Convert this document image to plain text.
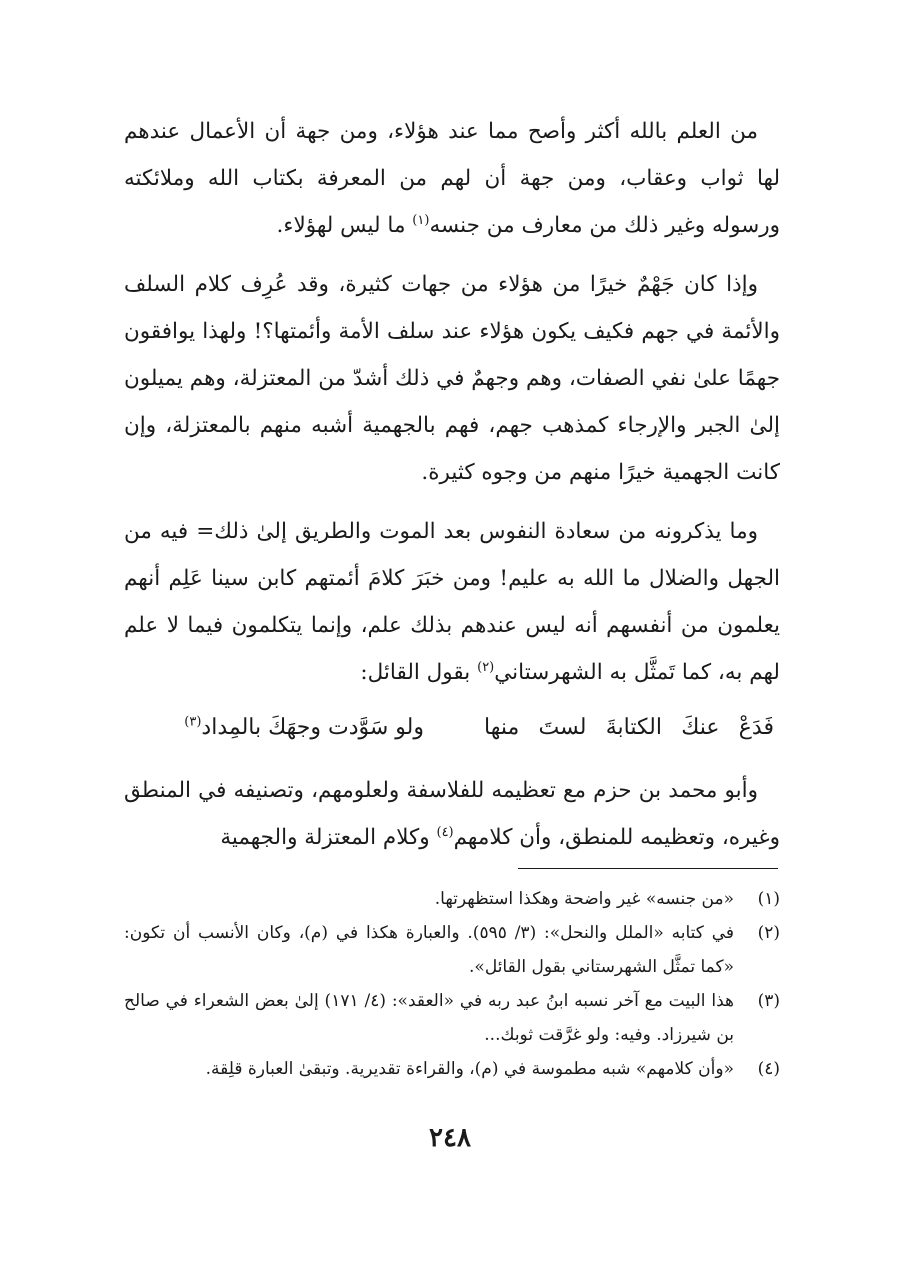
من العلم بالله أكثر وأصح مما عند هؤلاء، ومن جهة أن الأعمال عندهم لها ثواب وعقاب، ومن جهة أن لهم من المعرفة بكتاب الله وملائكته ورسوله وغير ذلك من معارف من جنسه$^{(١)}$ ما ليس لهؤلاء.

وإذا كان جَهْمٌ خيرًا من هؤلاء من جهات كثيرة، وقد عُرِف كلام السلف والأئمة في جهم فكيف يكون هؤلاء عند سلف الأمة وأئمتها؟! ولهذا يوافقون جهمًا علىٰ نفي الصفات، وهم وجهمٌ في ذلك أشدّ من المعتزلة، وهم يميلون إلىٰ الجبر والإرجاء كمذهب جهم، فهم بالجهمية أشبه منهم بالمعتزلة، وإن كانت الجهمية خيرًا منهم من وجوه كثيرة.

وما يذكرونه من سعادة النفوس بعد الموت والطريق إلىٰ ذلك= فيه من الجهل والضلال ما الله به عليم! ومن خبَرَ كلامَ أئمتهم كابن سينا عَلِم أنهم يعلمون من أنفسهم أنه ليس عندهم بذلك علم، وإنما يتكلمون فيما لا علم لهم به، كما تَمثَّل به الشهرستاني$^{(٢)}$ بقول القائل:

فَدَعْ عنكَ الكتابةَ لستَ منها
ولو سَوَّدت وجهَكَ بالمِداد$^{(٣)}$

وأبو محمد بن حزم مع تعظيمه للفلاسفة ولعلومهم، وتصنيفه في المنطق وغيره، وتعظيمه للمنطق، وأن كلامهم$^{(٤)}$ وكلام المعتزلة والجهمية

(١)
«من جنسه» غير واضحة وهكذا استظهرتها.
(٢)
في كتابه «الملل والنحل»: (٣/ ٥٩٥). والعبارة هكذا في (م)، وكان الأنسب أن تكون: «كما تمثَّل الشهرستاني بقول القائل».
(٣)
هذا البيت مع آخر نسبه ابنُ عبد ربه في «العقد»: (٤/ ١٧١) إلىٰ بعض الشعراء في صالح بن شيرزاد. وفيه: ولو غرَّقت ثوبك...
(٤)
«وأن كلامهم» شبه مطموسة في (م)، والقراءة تقديرية. وتبقىٰ العبارة قلِقة.
٢٤٨
